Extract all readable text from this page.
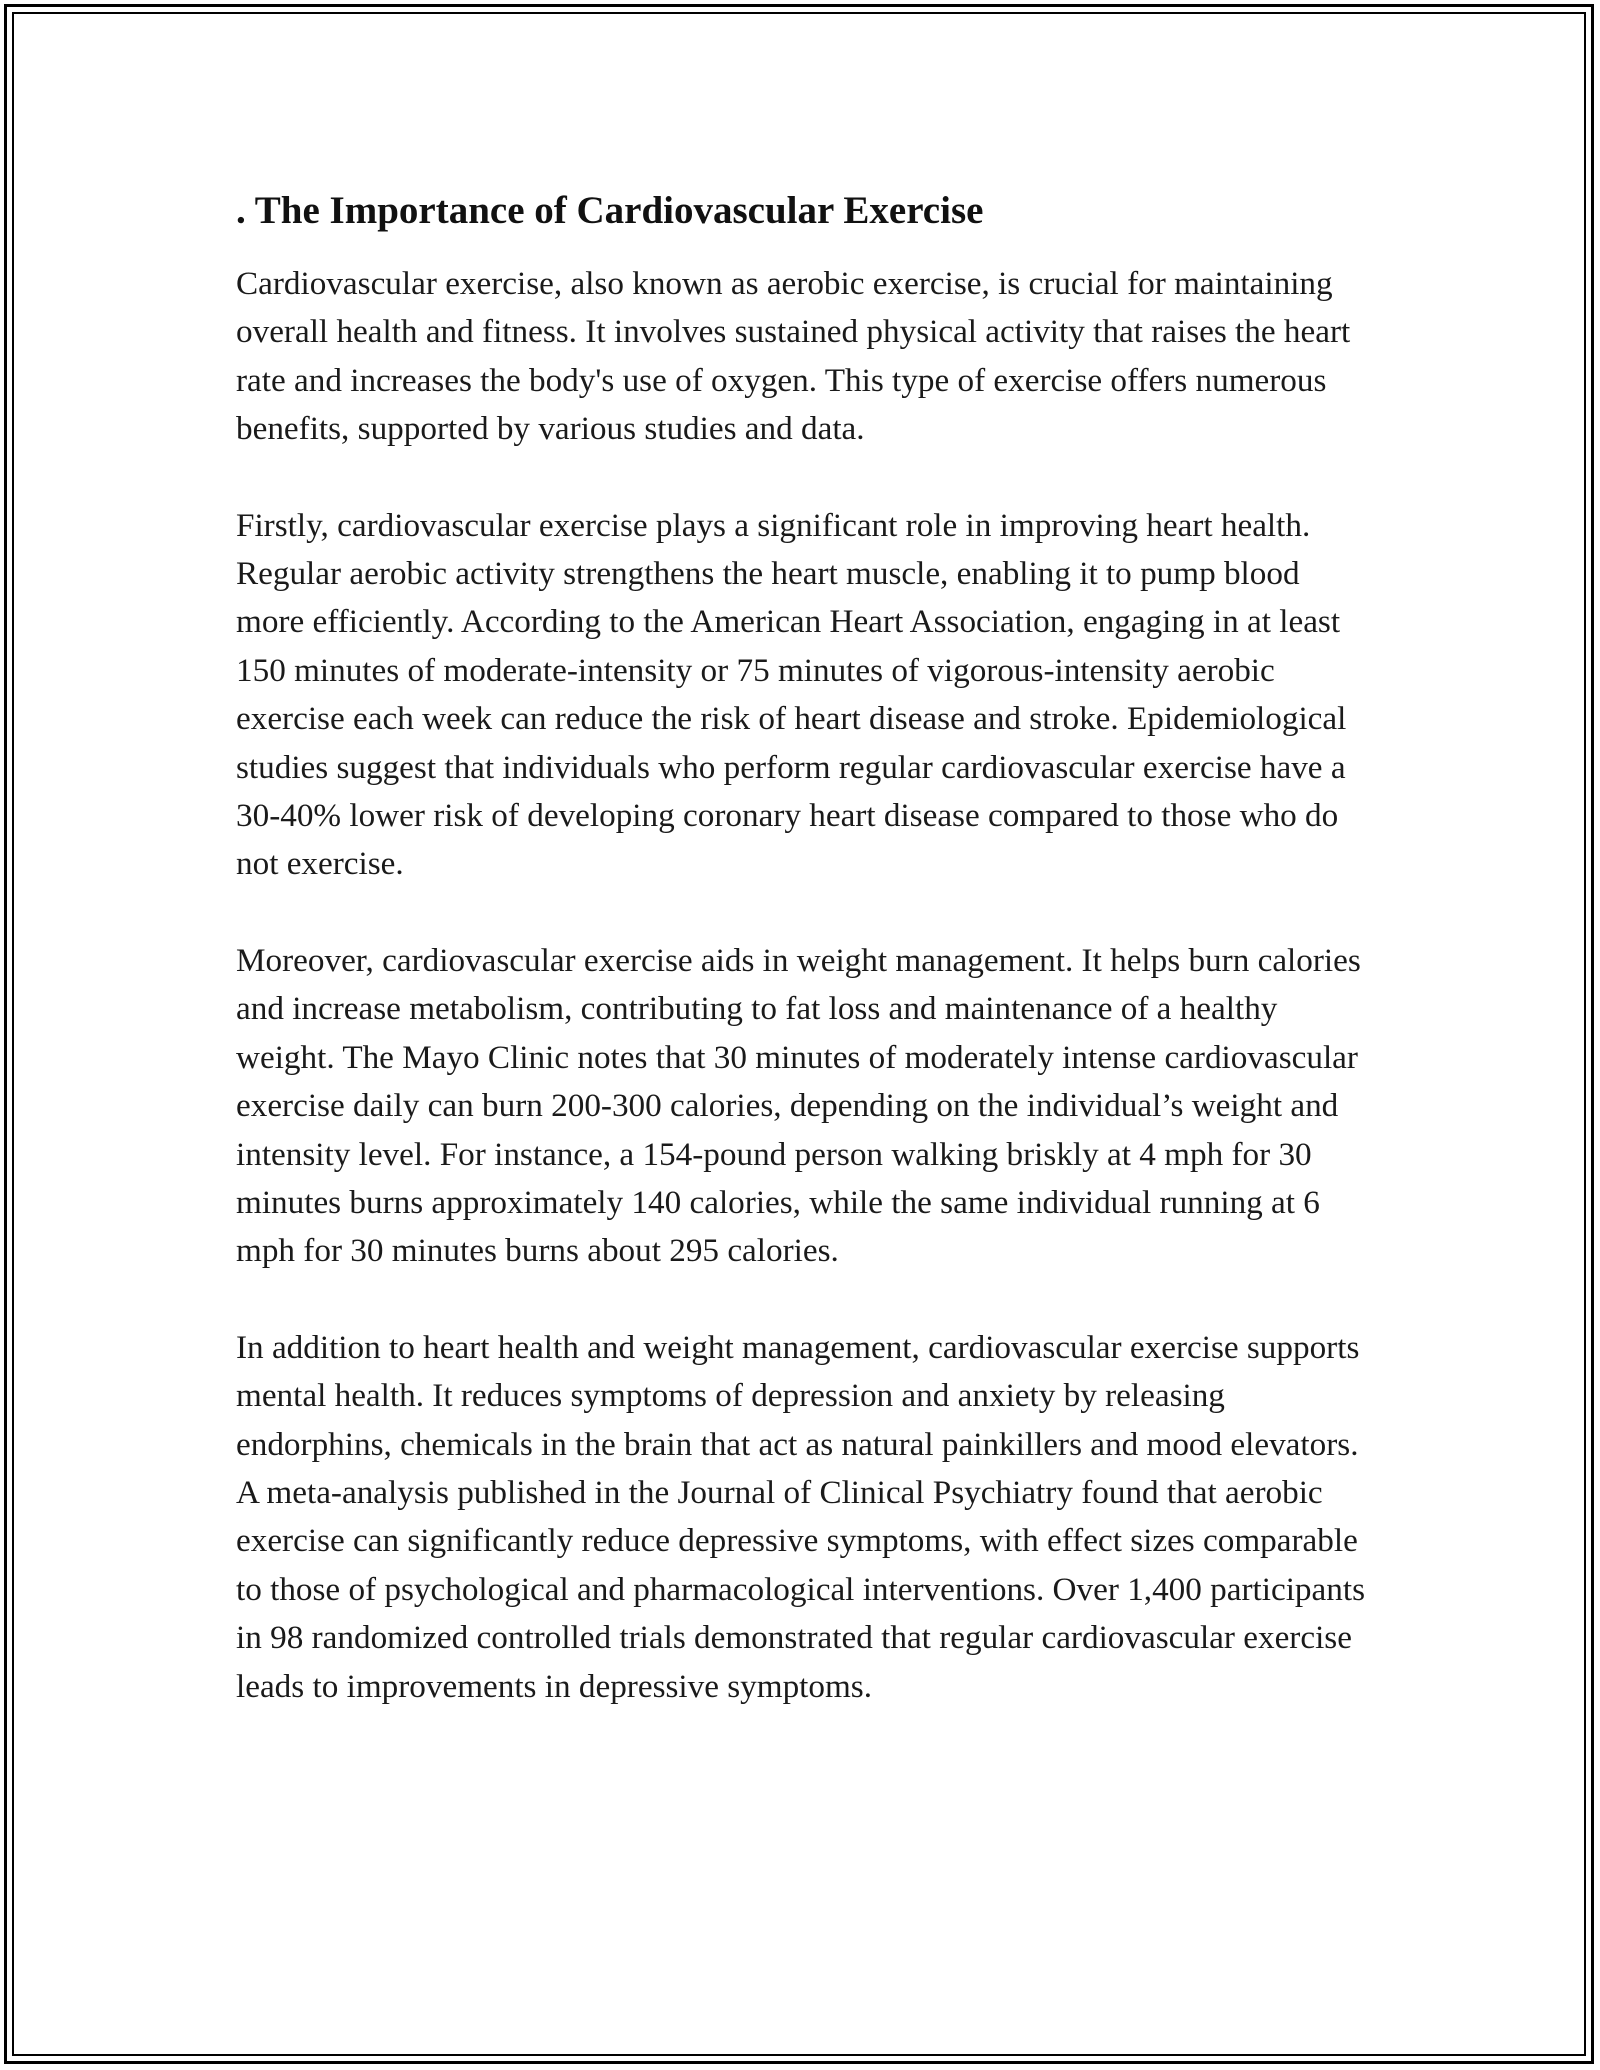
. The Importance of Cardiovascular Exercise

Cardiovascular exercise, also known as aerobic exercise, is crucial for maintaining overall health and fitness. It involves sustained physical activity that raises the heart rate and increases the body's use of oxygen. This type of exercise offers numerous benefits, supported by various studies and data.

Firstly, cardiovascular exercise plays a significant role in improving heart health. Regular aerobic activity strengthens the heart muscle, enabling it to pump blood more efficiently. According to the American Heart Association, engaging in at least 150 minutes of moderate-intensity or 75 minutes of vigorous-intensity aerobic exercise each week can reduce the risk of heart disease and stroke. Epidemiological studies suggest that individuals who perform regular cardiovascular exercise have a 30-40% lower risk of developing coronary heart disease compared to those who do not exercise.

Moreover, cardiovascular exercise aids in weight management. It helps burn calories and increase metabolism, contributing to fat loss and maintenance of a healthy weight. The Mayo Clinic notes that 30 minutes of moderately intense cardiovascular exercise daily can burn 200-300 calories, depending on the individual’s weight and intensity level. For instance, a 154-pound person walking briskly at 4 mph for 30 minutes burns approximately 140 calories, while the same individual running at 6 mph for 30 minutes burns about 295 calories.

In addition to heart health and weight management, cardiovascular exercise supports mental health. It reduces symptoms of depression and anxiety by releasing endorphins, chemicals in the brain that act as natural painkillers and mood elevators. A meta-analysis published in the Journal of Clinical Psychiatry found that aerobic exercise can significantly reduce depressive symptoms, with effect sizes comparable to those of psychological and pharmacological interventions. Over 1,400 participants in 98 randomized controlled trials demonstrated that regular cardiovascular exercise leads to improvements in depressive symptoms.
